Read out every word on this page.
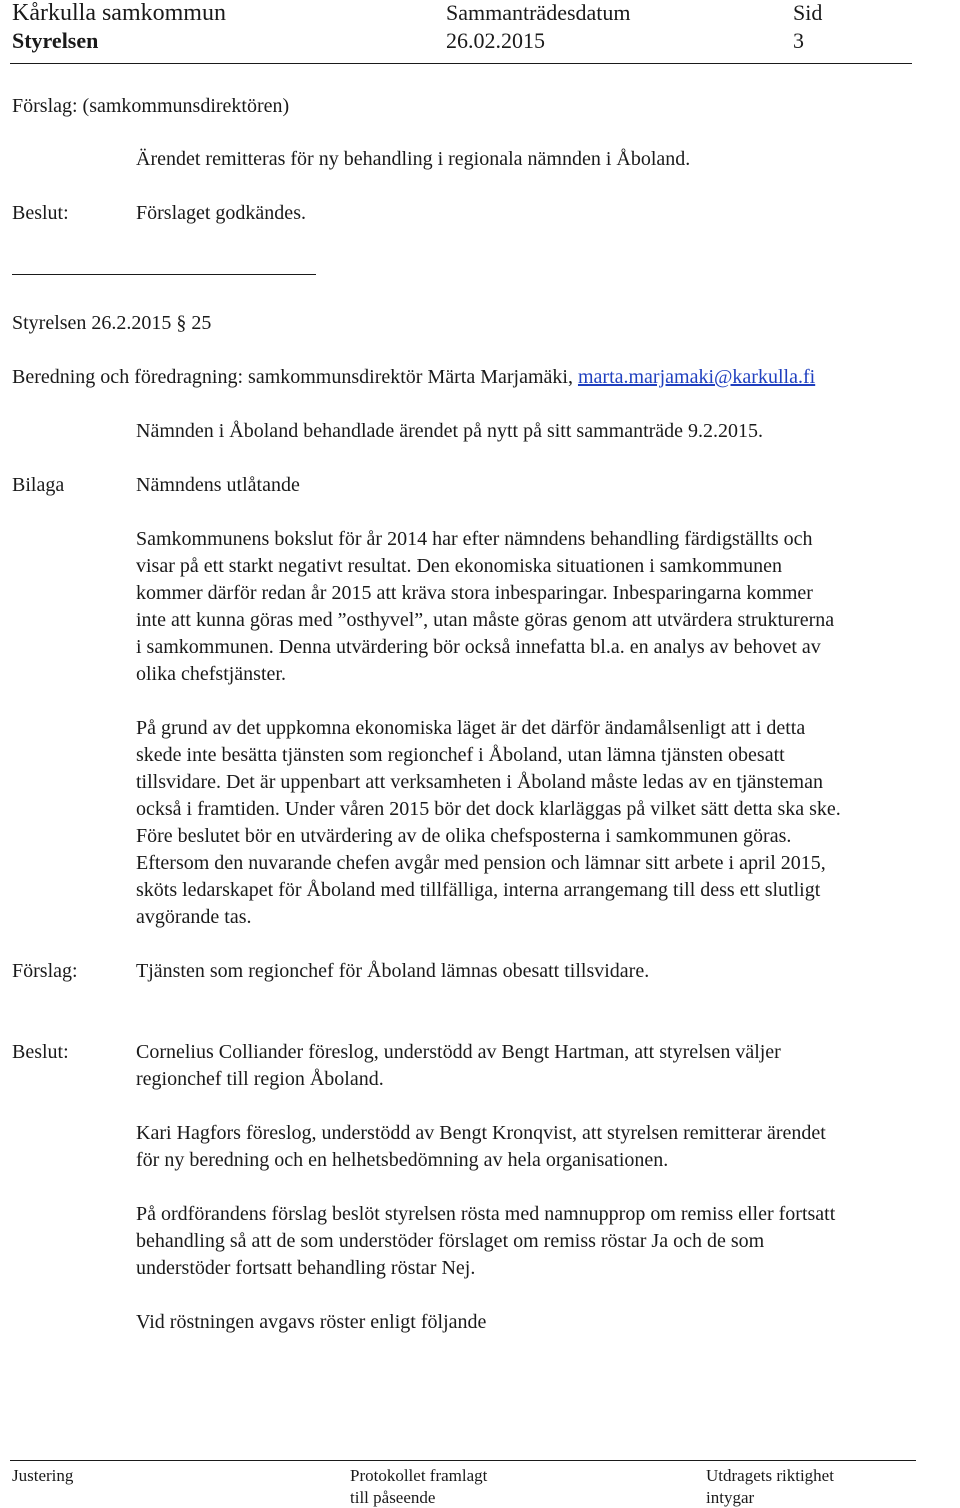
Kårkulla samkommun
Styrelsen
Sammanträdesdatum
26.02.2015
Sid
3
Förslag: (samkommunsdirektören)
Ärendet remitteras för ny behandling i regionala nämnden i Åboland.
Beslut:	Förslaget godkändes.
Styrelsen 26.2.2015 § 25
Beredning och föredragning: samkommunsdirektör Märta Marjamäki, marta.marjamaki@karkulla.fi
Nämnden i Åboland behandlade ärendet på nytt på sitt sammanträde 9.2.2015.
Bilaga	Nämndens utlåtande
Samkommunens bokslut för år 2014 har efter nämndens behandling färdigställts och
visar på ett starkt negativt resultat. Den ekonomiska situationen i samkommunen
kommer därför redan år 2015 att kräva stora inbesparingar. Inbesparingarna kommer
inte att kunna göras med ”osthyvel”, utan måste göras genom att utvärdera strukturerna
i samkommunen. Denna utvärdering bör också innefatta bl.a. en analys av behovet av
olika chefstjänster.
På grund av det uppkomna ekonomiska läget är det därför ändamålsenligt att i detta
skede inte besätta tjänsten som regionchef i Åboland, utan lämna tjänsten obesatt
tillsvidare. Det är uppenbart att verksamheten i Åboland måste ledas av en tjänsteman
också i framtiden. Under våren 2015 bör det dock klarläggas på vilket sätt detta ska ske.
Före beslutet bör en utvärdering av de olika chefsposterna i samkommunen göras.
Eftersom den nuvarande chefen avgår med pension och lämnar sitt arbete i april 2015,
sköts ledarskapet för Åboland med tillfälliga, interna arrangemang till dess ett slutligt
avgörande tas.
Förslag:	Tjänsten som regionchef för Åboland lämnas obesatt tillsvidare.
Beslut:	Cornelius Colliander föreslog, understödd av Bengt Hartman, att styrelsen väljer
regionchef till region Åboland.
Kari Hagfors föreslog, understödd av Bengt Kronqvist, att styrelsen remitterar ärendet
för ny beredning och en helhetsbedömning av hela organisationen.
På ordförandens förslag beslöt styrelsen rösta med namnupprop om remiss eller fortsatt
behandling så att de som understöder förslaget om remiss röstar Ja och de som
understöder fortsatt behandling röstar Nej.
Vid röstningen avgavs röster enligt följande
Justering	Protokollet framlagt
till påseende
Utdragets riktighet
intygar
